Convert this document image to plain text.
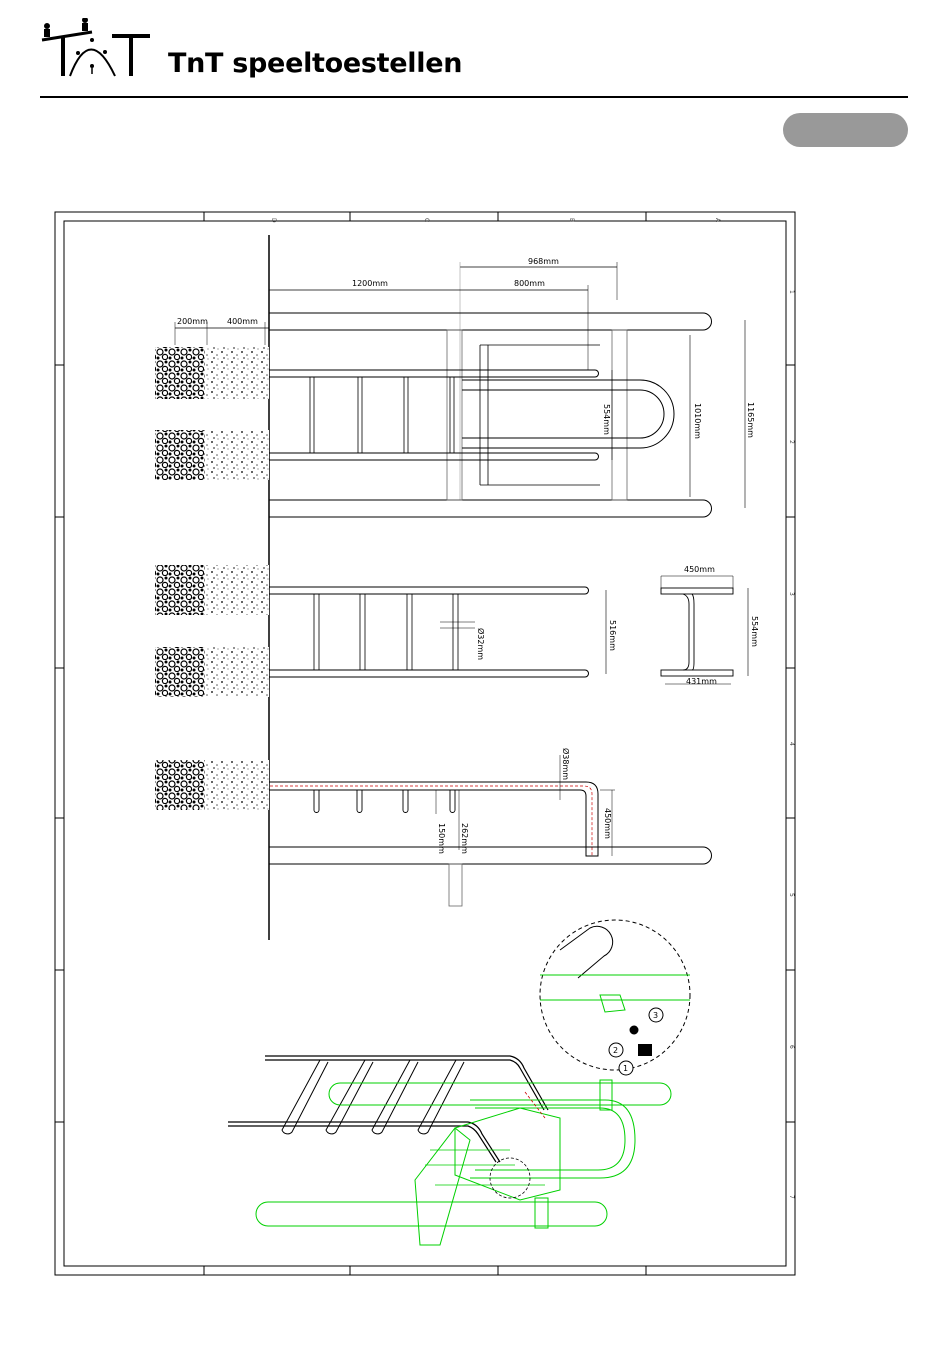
TnT speeltoestellen
D	C	B	A
1
2
3
4
5
6
7
968mm
1200mm	800mm
200mm 400mm
554mm	1010mm	1165mm
516mm
Ø32mm
450mm
554mm
431mm
Ø38mm
450mm
150mm 262mm
3
2
1
